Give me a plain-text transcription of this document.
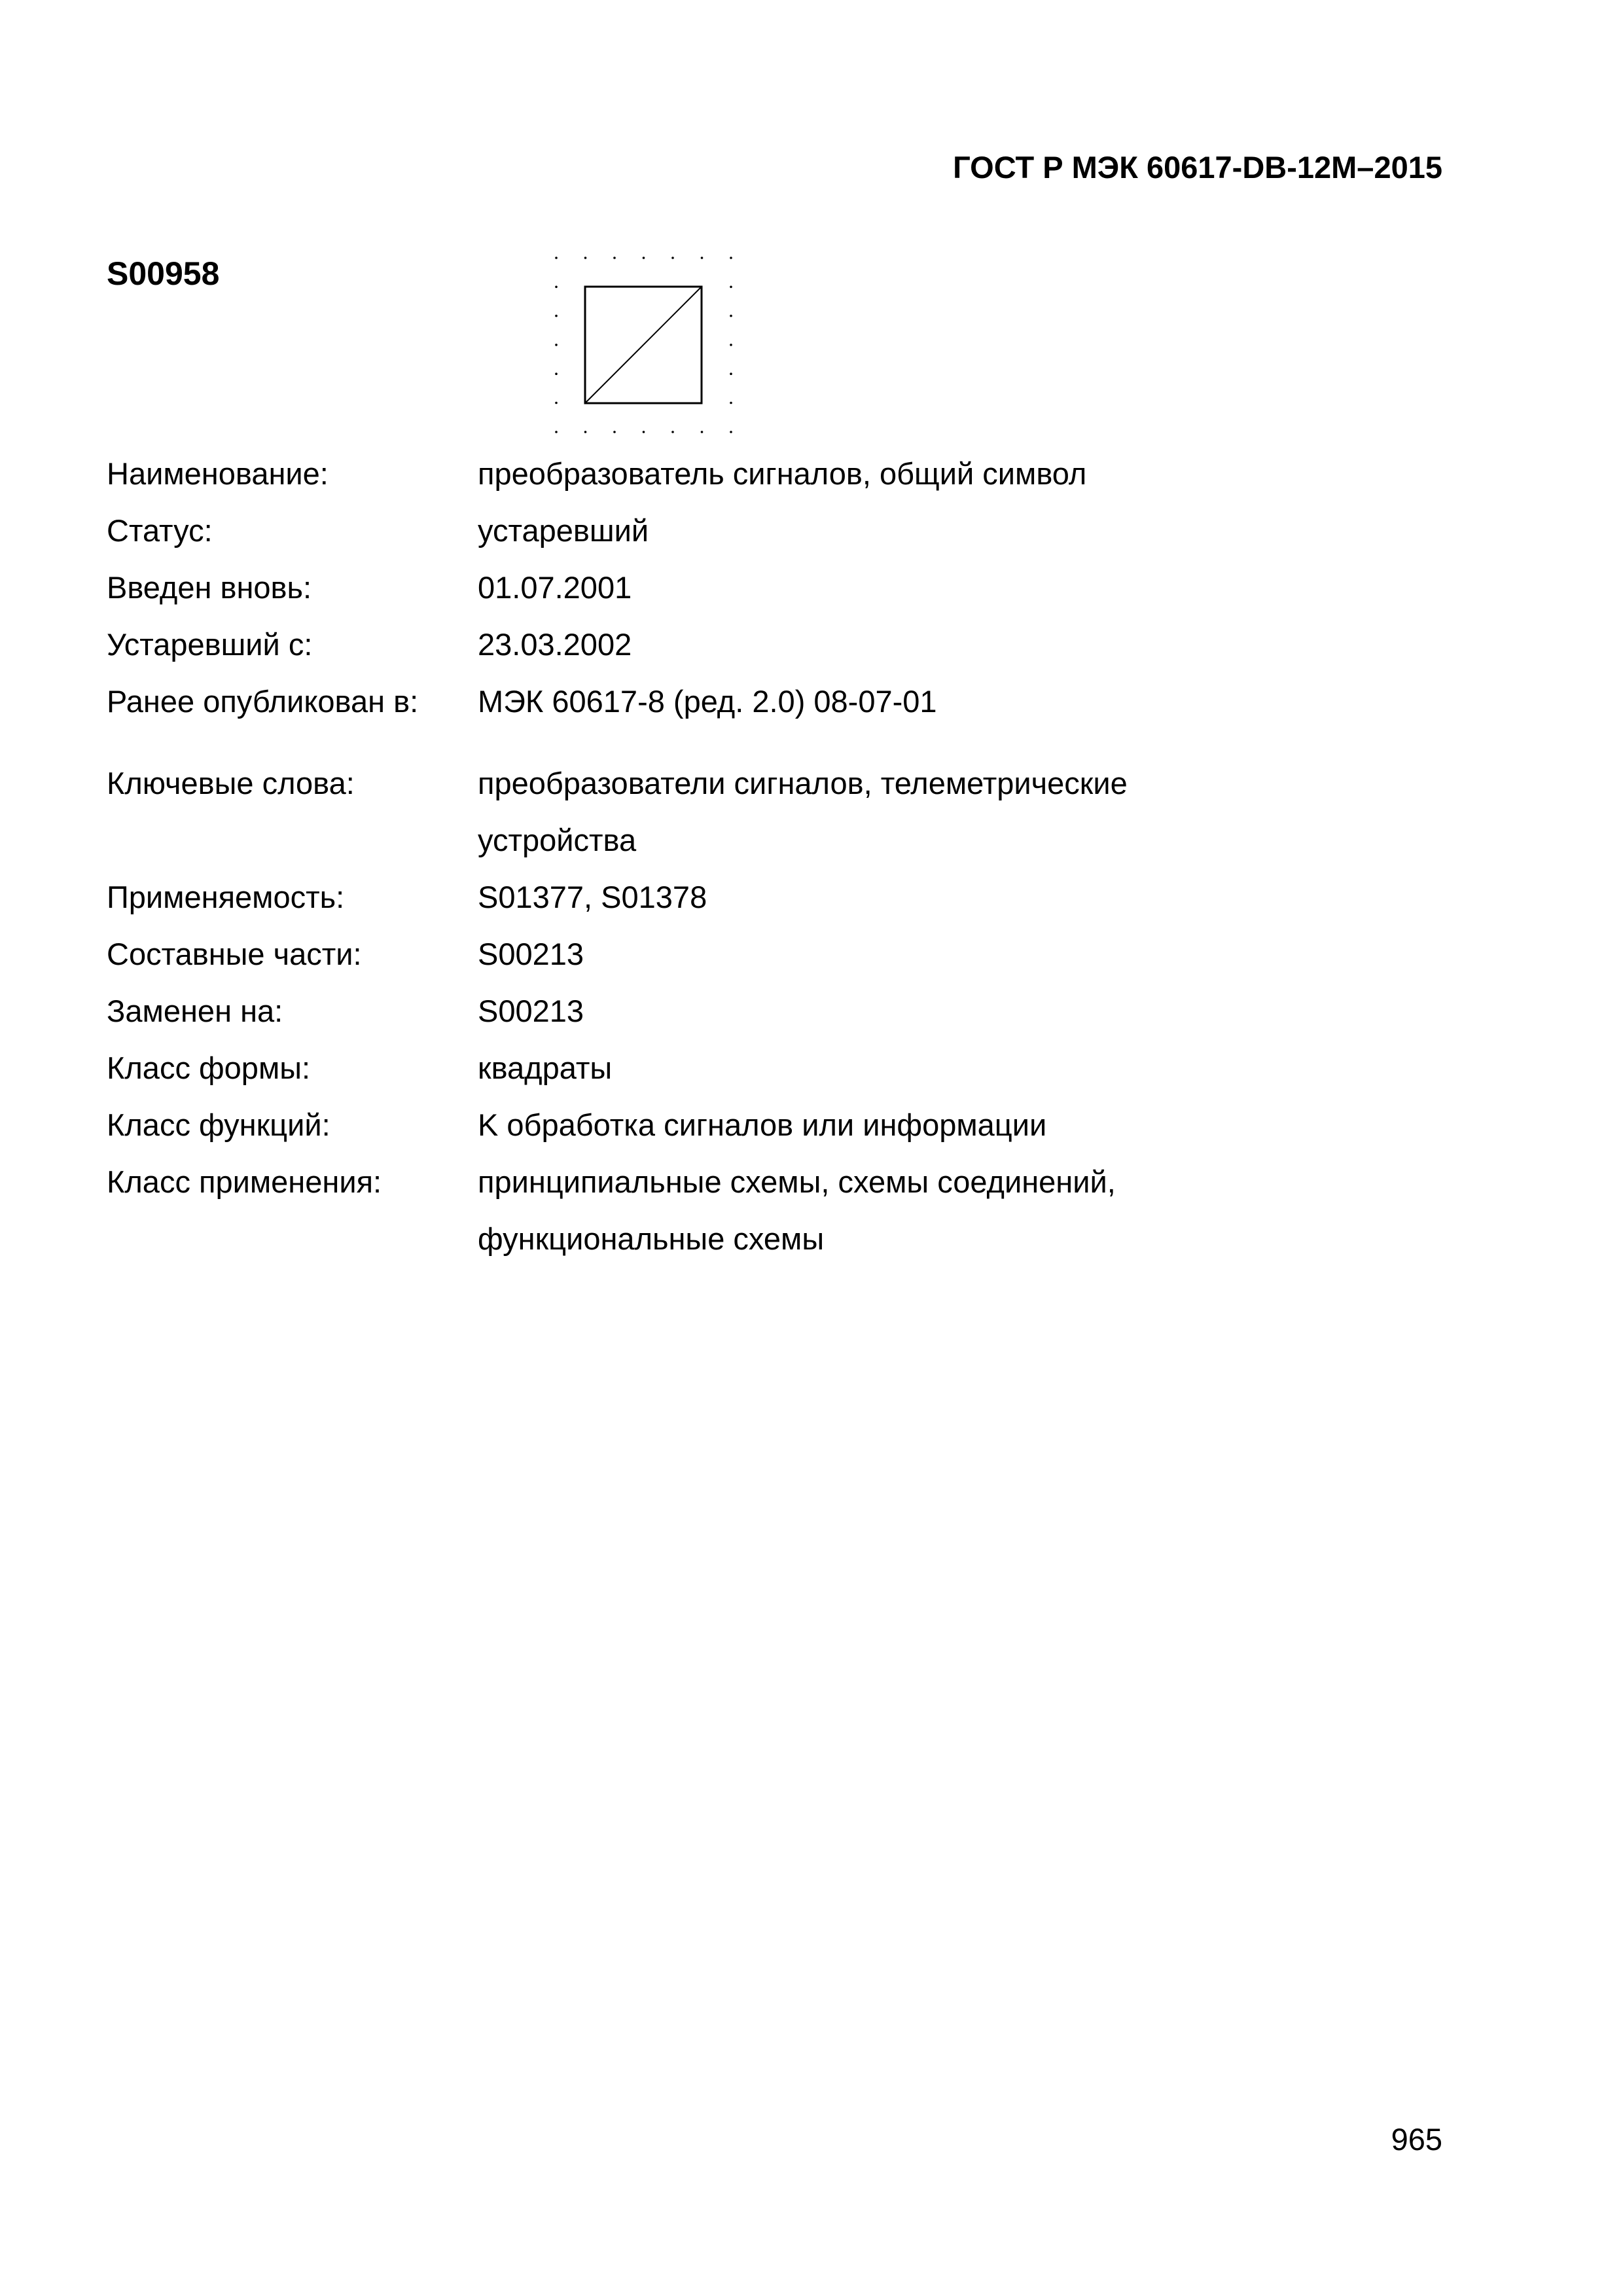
ГОСТ Р МЭК 60617-DB-12M–2015
S00958
Наименование:	преобразователь сигналов, общий символ
Статус:	устаревший
Введен вновь:	01.07.2001
Устаревший с:	23.03.2002
Ранее опубликован в:	МЭК 60617-8 (ред. 2.0) 08-07-01
Ключевые слова:	преобразователи сигналов, телеметрические
устройства
Применяемость:	S01377, S01378
Составные части:	S00213
Заменен на:	S00213
Класс формы:	квадраты
Класс функций:	K обработка сигналов или информации
Класс применения:	принципиальные схемы, схемы соединений,
функциональные схемы
965
